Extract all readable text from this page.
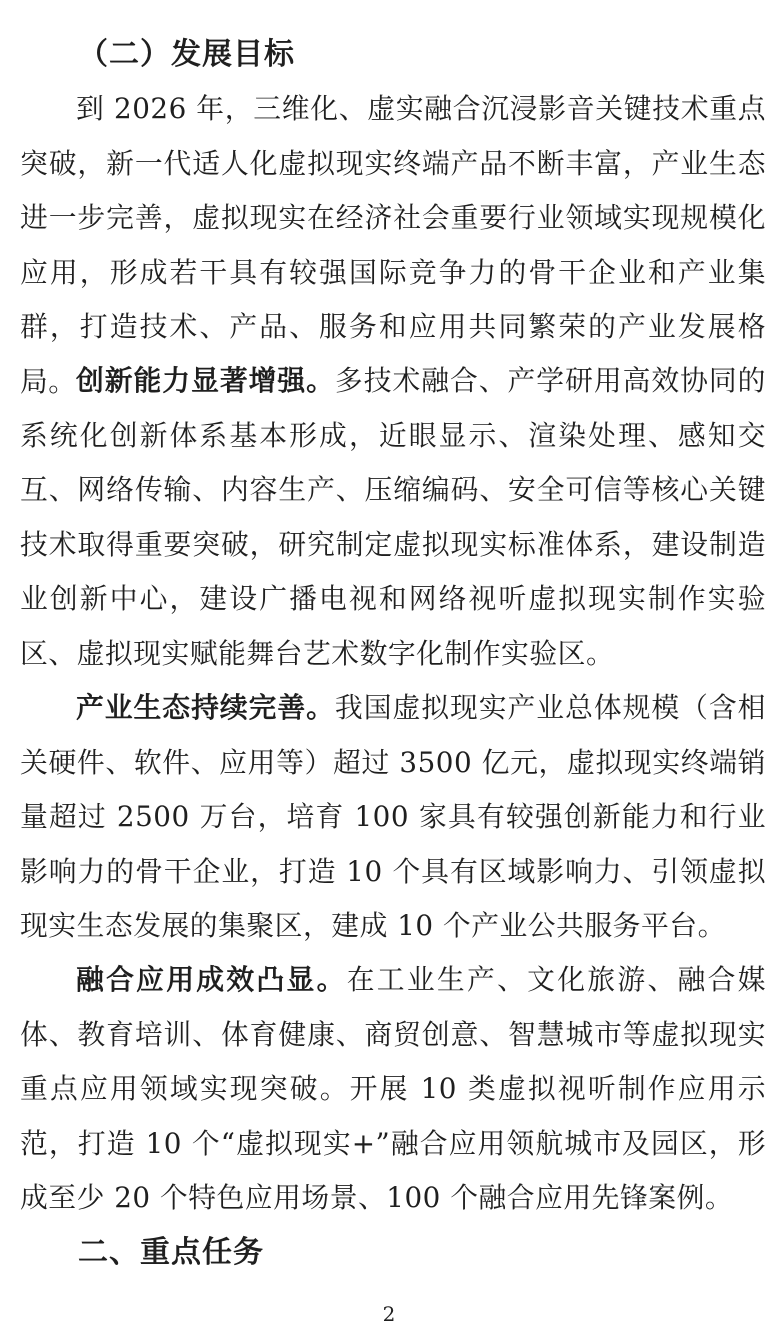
（二）发展目标

到 2026 年，三维化、虚实融合沉浸影音关键技术重点突破，新一代适人化虚拟现实终端产品不断丰富，产业生态进一步完善，虚拟现实在经济社会重要行业领域实现规模化应用，形成若干具有较强国际竞争力的骨干企业和产业集群，打造技术、产品、服务和应用共同繁荣的产业发展格局。 创新能力显著增强。多技术融合、产学研用高效协同的系统化创新体系基本形成，近眼显示、渲染处理、感知交互、网络传输、内容生产、压缩编码、安全可信等核心关键技术取得重要突破，研究制定虚拟现实标准体系，建设制造业创新中心，建设广播电视和网络视听虚拟现实制作实验区、虚拟现实赋能舞台艺术数字化制作实验区。

产业生态持续完善。我国虚拟现实产业总体规模（含相关硬件、软件、应用等）超过 3500 亿元，虚拟现实终端销量超过 2500 万台，培育 100 家具有较强创新能力和行业影响力的骨干企业，打造 10 个具有区域影响力、引领虚拟现实生态发展的集聚区，建成 10 个产业公共服务平台。

融合应用成效凸显。在工业生产、文化旅游、融合媒体、教育培训、体育健康、商贸创意、智慧城市等虚拟现实重点应用领域实现突破。开展 10 类虚拟视听制作应用示范，打造 10 个“虚拟现实+”融合应用领航城市及园区，形成至少 20 个特色应用场景、100 个融合应用先锋案例。

二、重点任务
2
